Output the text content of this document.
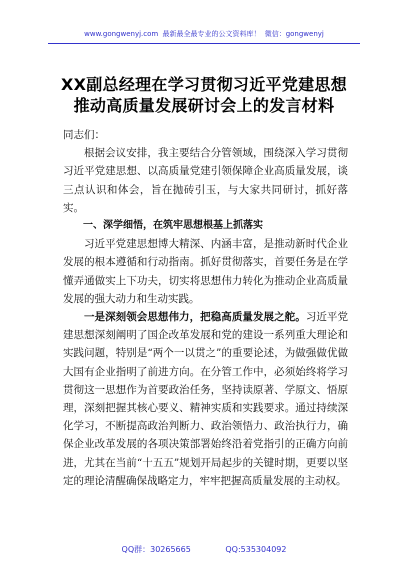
www.gongwenyj.com 最新最全最专业的公文资料库！ 微信：gongwenyj
XX副总经理在学习贯彻习近平党建思想
推动高质量发展研讨会上的发言材料

同志们：

根据会议安排，我主要结合分管领域，围绕深入学习贯彻习近平党建思想、以高质量党建引领保障企业高质量发展，谈三点认识和体会，旨在抛砖引玉，与大家共同研讨，抓好落实。

一、深学细悟，在筑牢思想根基上抓落实

习近平党建思想博大精深、内涵丰富，是推动新时代企业发展的根本遵循和行动指南。抓好贯彻落实，首要任务是在学懂弄通做实上下功夫，切实将思想伟力转化为推动企业高质量发展的强大动力和生动实践。

一是深刻领会思想伟力，把稳高质量发展之舵。习近平党建思想深刻阐明了国企改革发展和党的建设一系列重大理论和实践问题，特别是“两个一以贯之”的重要论述，为做强做优做大国有企业指明了前进方向。在分管工作中，必须始终将学习贯彻这一思想作为首要政治任务，坚持读原著、学原文、悟原理，深刻把握其核心要义、精神实质和实践要求。通过持续深化学习，不断提高政治判断力、政治领悟力、政治执行力，确保企业改革发展的各项决策部署始终沿着党指引的正确方向前进，尤其在当前“十五五”规划开局起步的关键时期，更要以坚定的理论清醒确保战略定力，牢牢把握高质量发展的主动权。

QQ群：30265665	QQ:535304092
